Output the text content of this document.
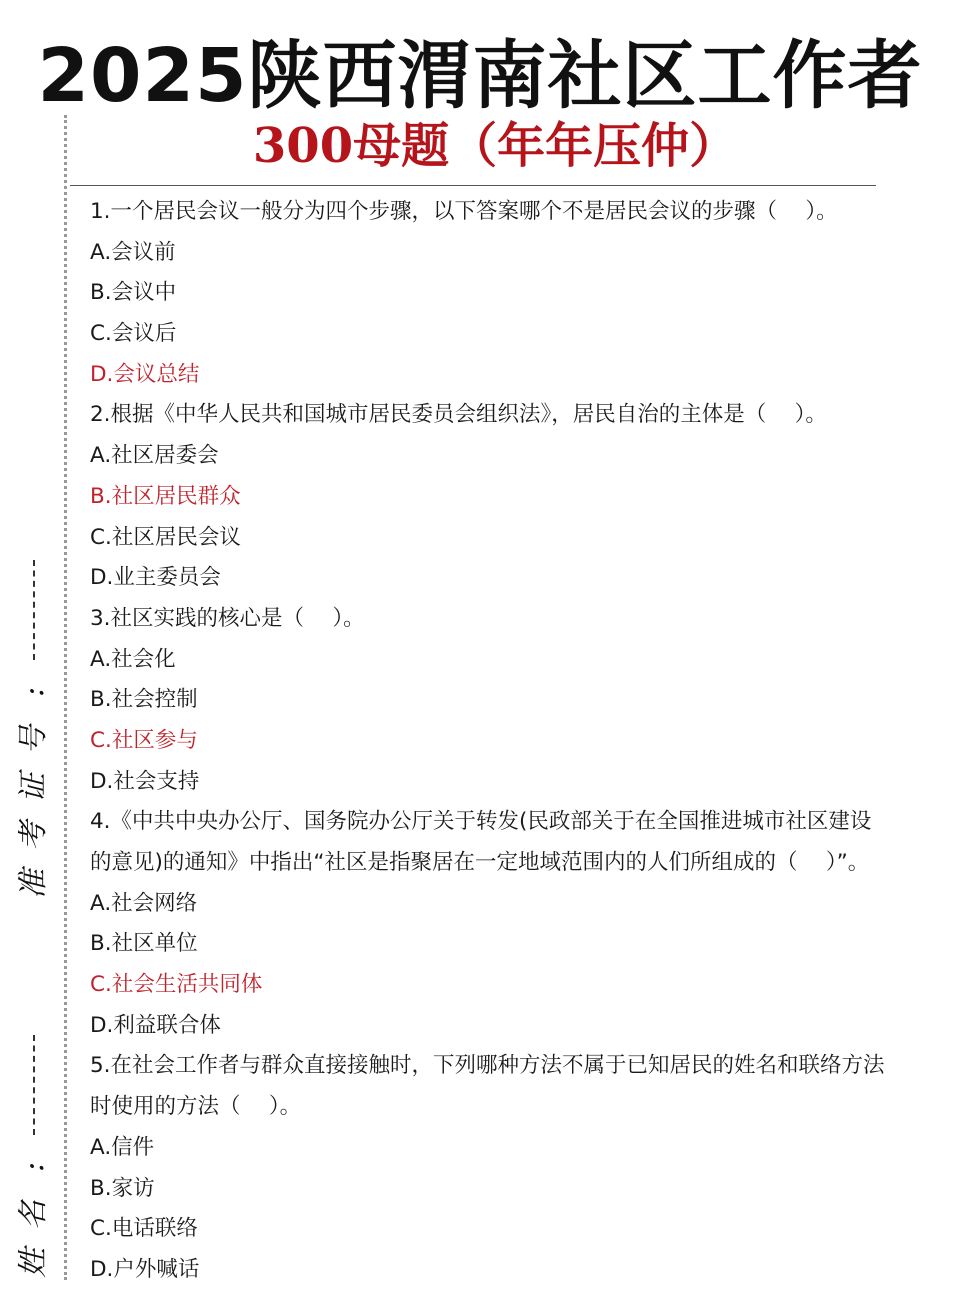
2025陕西渭南社区工作者
300母题（年年压仲）
:
号
证
考
准
:
名
姓
1.一个居民会议一般分为四个步骤，以下答案哪个不是居民会议的步骤（　 ）。
A.会议前
B.会议中
C.会议后
D.会议总结
2.根据《中华人民共和国城市居民委员会组织法》，居民自治的主体是（　 ）。
A.社区居委会
B.社区居民群众
C.社区居民会议
D.业主委员会
3.社区实践的核心是（　 ）。
A.社会化
B.社会控制
C.社区参与
D.社会支持
4.《中共中央办公厅、国务院办公厅关于转发(民政部关于在全国推进城市社区建设
的意见)的通知》中指出“社区是指聚居在一定地域范围内的人们所组成的（　 ）”。
A.社会网络
B.社区单位
C.社会生活共同体
D.利益联合体
5.在社会工作者与群众直接接触时，下列哪种方法不属于已知居民的姓名和联络方法
时使用的方法（　 ）。
A.信件
B.家访
C.电话联络
D.户外喊话
